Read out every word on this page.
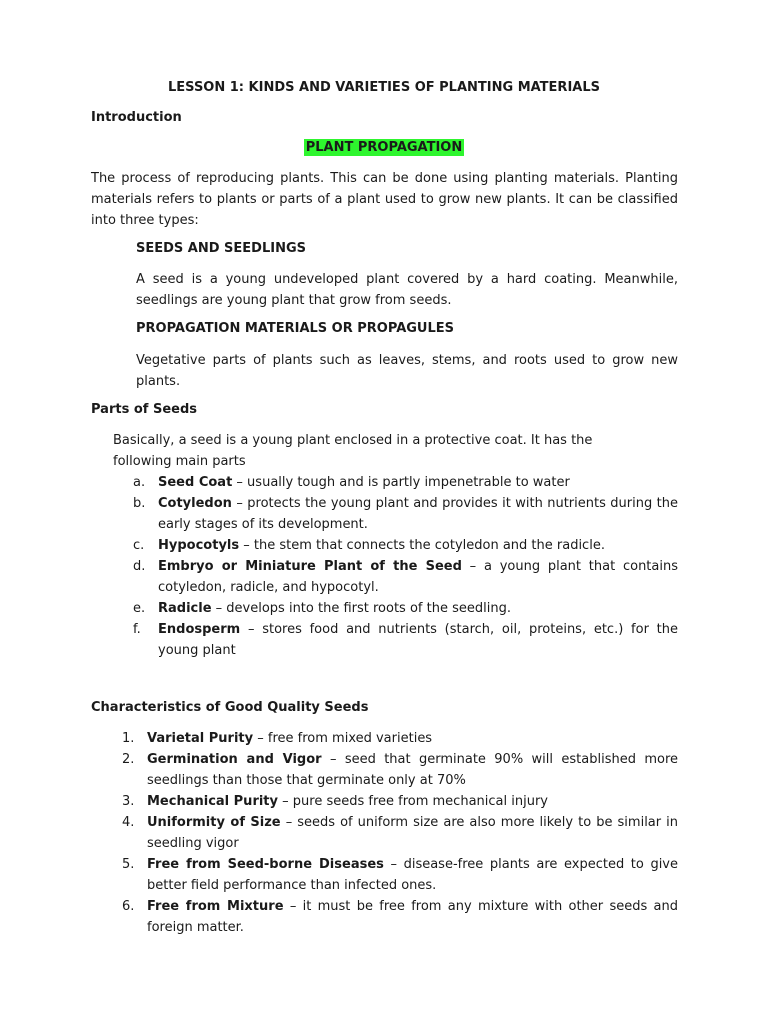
LESSON 1: KINDS AND VARIETIES OF PLANTING MATERIALS
Introduction
PLANT PROPAGATION

The process of reproducing plants. This can be done using planting materials. Planting materials refers to plants or parts of a plant used to grow new plants. It can be classified into three types:

SEEDS AND SEEDLINGS

A seed is a young undeveloped plant covered by a hard coating. Meanwhile, seedlings are young plant that grow from seeds.

PROPAGATION MATERIALS OR PROPAGULES

Vegetative parts of plants such as leaves, stems, and roots used to grow new plants.

Parts of Seeds

Basically, a seed is a young plant enclosed in a protective coat. It has the following main parts

a. Seed Coat – usually tough and is partly impenetrable to water
b. Cotyledon – protects the young plant and provides it with nutrients during the early stages of its development.
c. Hypocotyls – the stem that connects the cotyledon and the radicle.
d. Embryo or Miniature Plant of the Seed – a young plant that contains cotyledon, radicle, and hypocotyl.
e. Radicle – develops into the first roots of the seedling.
f. Endosperm – stores food and nutrients (starch, oil, proteins, etc.) for the young plant
Characteristics of Good Quality Seeds
1. Varietal Purity – free from mixed varieties
2. Germination and Vigor – seed that germinate 90% will established more seedlings than those that germinate only at 70%
3. Mechanical Purity – pure seeds free from mechanical injury
4. Uniformity of Size – seeds of uniform size are also more likely to be similar in seedling vigor
5. Free from Seed-borne Diseases – disease-free plants are expected to give better field performance than infected ones.
6. Free from Mixture – it must be free from any mixture with other seeds and foreign matter.
